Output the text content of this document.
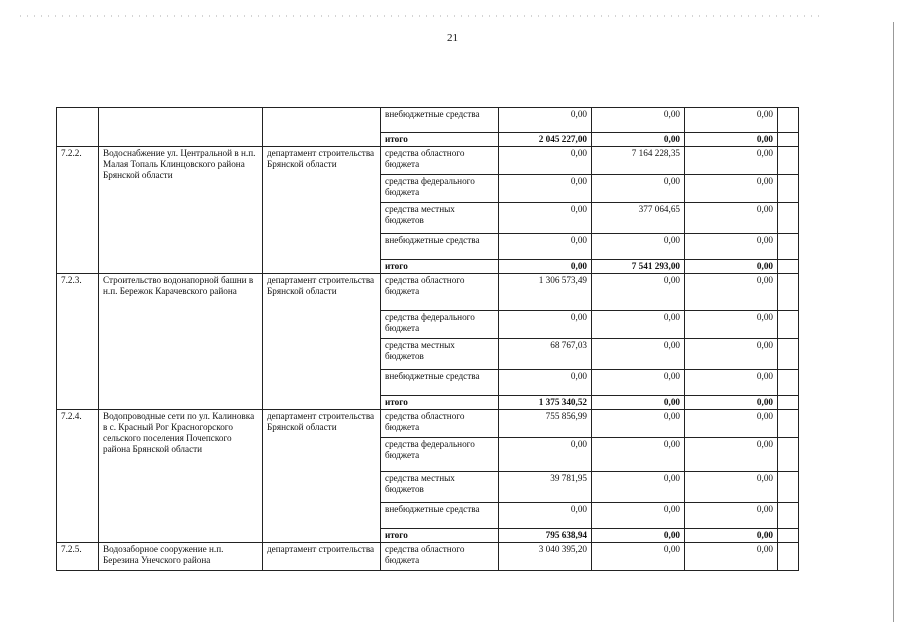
21
			внебюджетные средства	0,00	0,00	0,00	
			итого	2 045 227,00	0,00	0,00	
7.2.2.	Водоснабжение ул. Центральной в н.п. Малая Топаль Клинцовского района Брянской области	департамент строительства Брянской области	средства областного бюджета	0,00	7 164 228,35	0,00	
			средства федерального бюджета	0,00	0,00	0,00	
			средства местных бюджетов	0,00	377 064,65	0,00	
			внебюджетные средства	0,00	0,00	0,00	
			итого	0,00	7 541 293,00	0,00	
7.2.3.	Строительство водонапорной башни в н.п. Бережок Карачевского района	департамент строительства Брянской области	средства областного бюджета	1 306 573,49	0,00	0,00	
			средства федерального бюджета	0,00	0,00	0,00	
			средства местных бюджетов	68 767,03	0,00	0,00	
			внебюджетные средства	0,00	0,00	0,00	
			итого	1 375 340,52	0,00	0,00	
7.2.4.	Водопроводные сети по ул. Калиновка в с. Красный Рог Красногорского сельского поселения Почепского района Брянской области	департамент строительства Брянской области	средства областного бюджета	755 856,99	0,00	0,00	
			средства федерального бюджета	0,00	0,00	0,00	
			средства местных бюджетов	39 781,95	0,00	0,00	
			внебюджетные средства	0,00	0,00	0,00	
			итого	795 638,94	0,00	0,00	
7.2.5.	Водозаборное сооружение н.п. Березина Унечского района	департамент строительства	средства областного бюджета	3 040 395,20	0,00	0,00	
